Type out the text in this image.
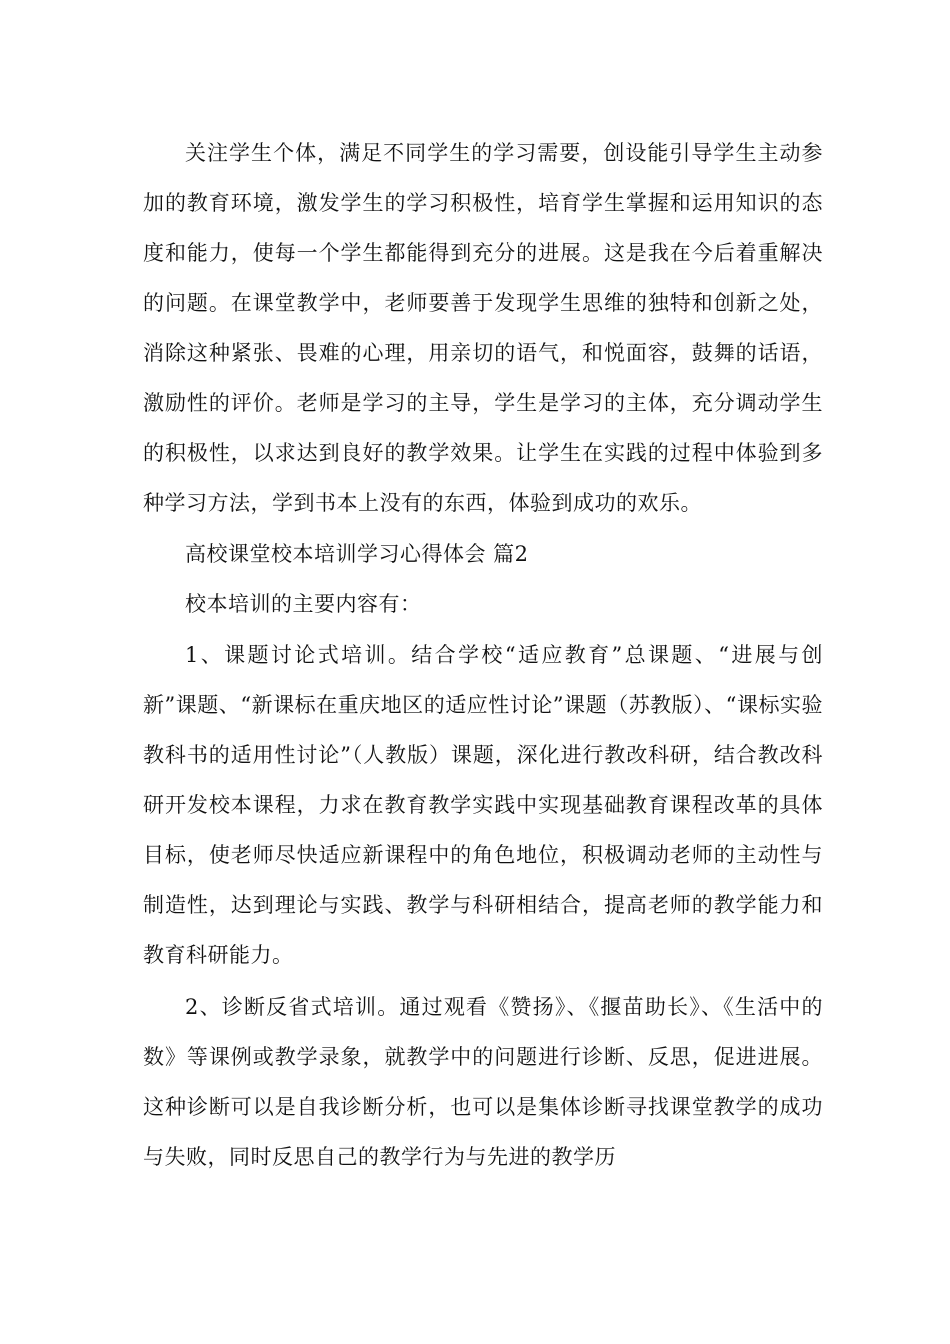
关注学生个体，满足不同学生的学习需要，创设能引导学生主动参加的教育环境，激发学生的学习积极性，培育学生掌握和运用知识的态度和能力，使每一个学生都能得到充分的进展。这是我在今后着重解决的问题。在课堂教学中，老师要善于发现学生思维的独特和创新之处，消除这种紧张、畏难的心理，用亲切的语气，和悦面容，鼓舞的话语，激励性的评价。老师是学习的主导，学生是学习的主体，充分调动学生的积极性，以求达到良好的教学效果。让学生在实践的过程中体验到多种学习方法，学到书本上没有的东西，体验到成功的欢乐。

高校课堂校本培训学习心得体会 篇2

校本培训的主要内容有：

1、课题讨论式培训。结合学校“适应教育”总课题、“进展与创新”课题、“新课标在重庆地区的适应性讨论”课题（苏教版）、“课标实验教科书的适用性讨论”（人教版）课题，深化进行教改科研，结合教改科研开发校本课程，力求在教育教学实践中实现基础教育课程改革的具体目标，使老师尽快适应新课程中的角色地位，积极调动老师的主动性与制造性，达到理论与实践、教学与科研相结合，提高老师的教学能力和教育科研能力。

2、诊断反省式培训。通过观看《赞扬》、《揠苗助长》、《生活中的数》等课例或教学录象，就教学中的问题进行诊断、反思，促进进展。这种诊断可以是自我诊断分析，也可以是集体诊断寻找课堂教学的成功与失败，同时反思自己的教学行为与先进的教学历
